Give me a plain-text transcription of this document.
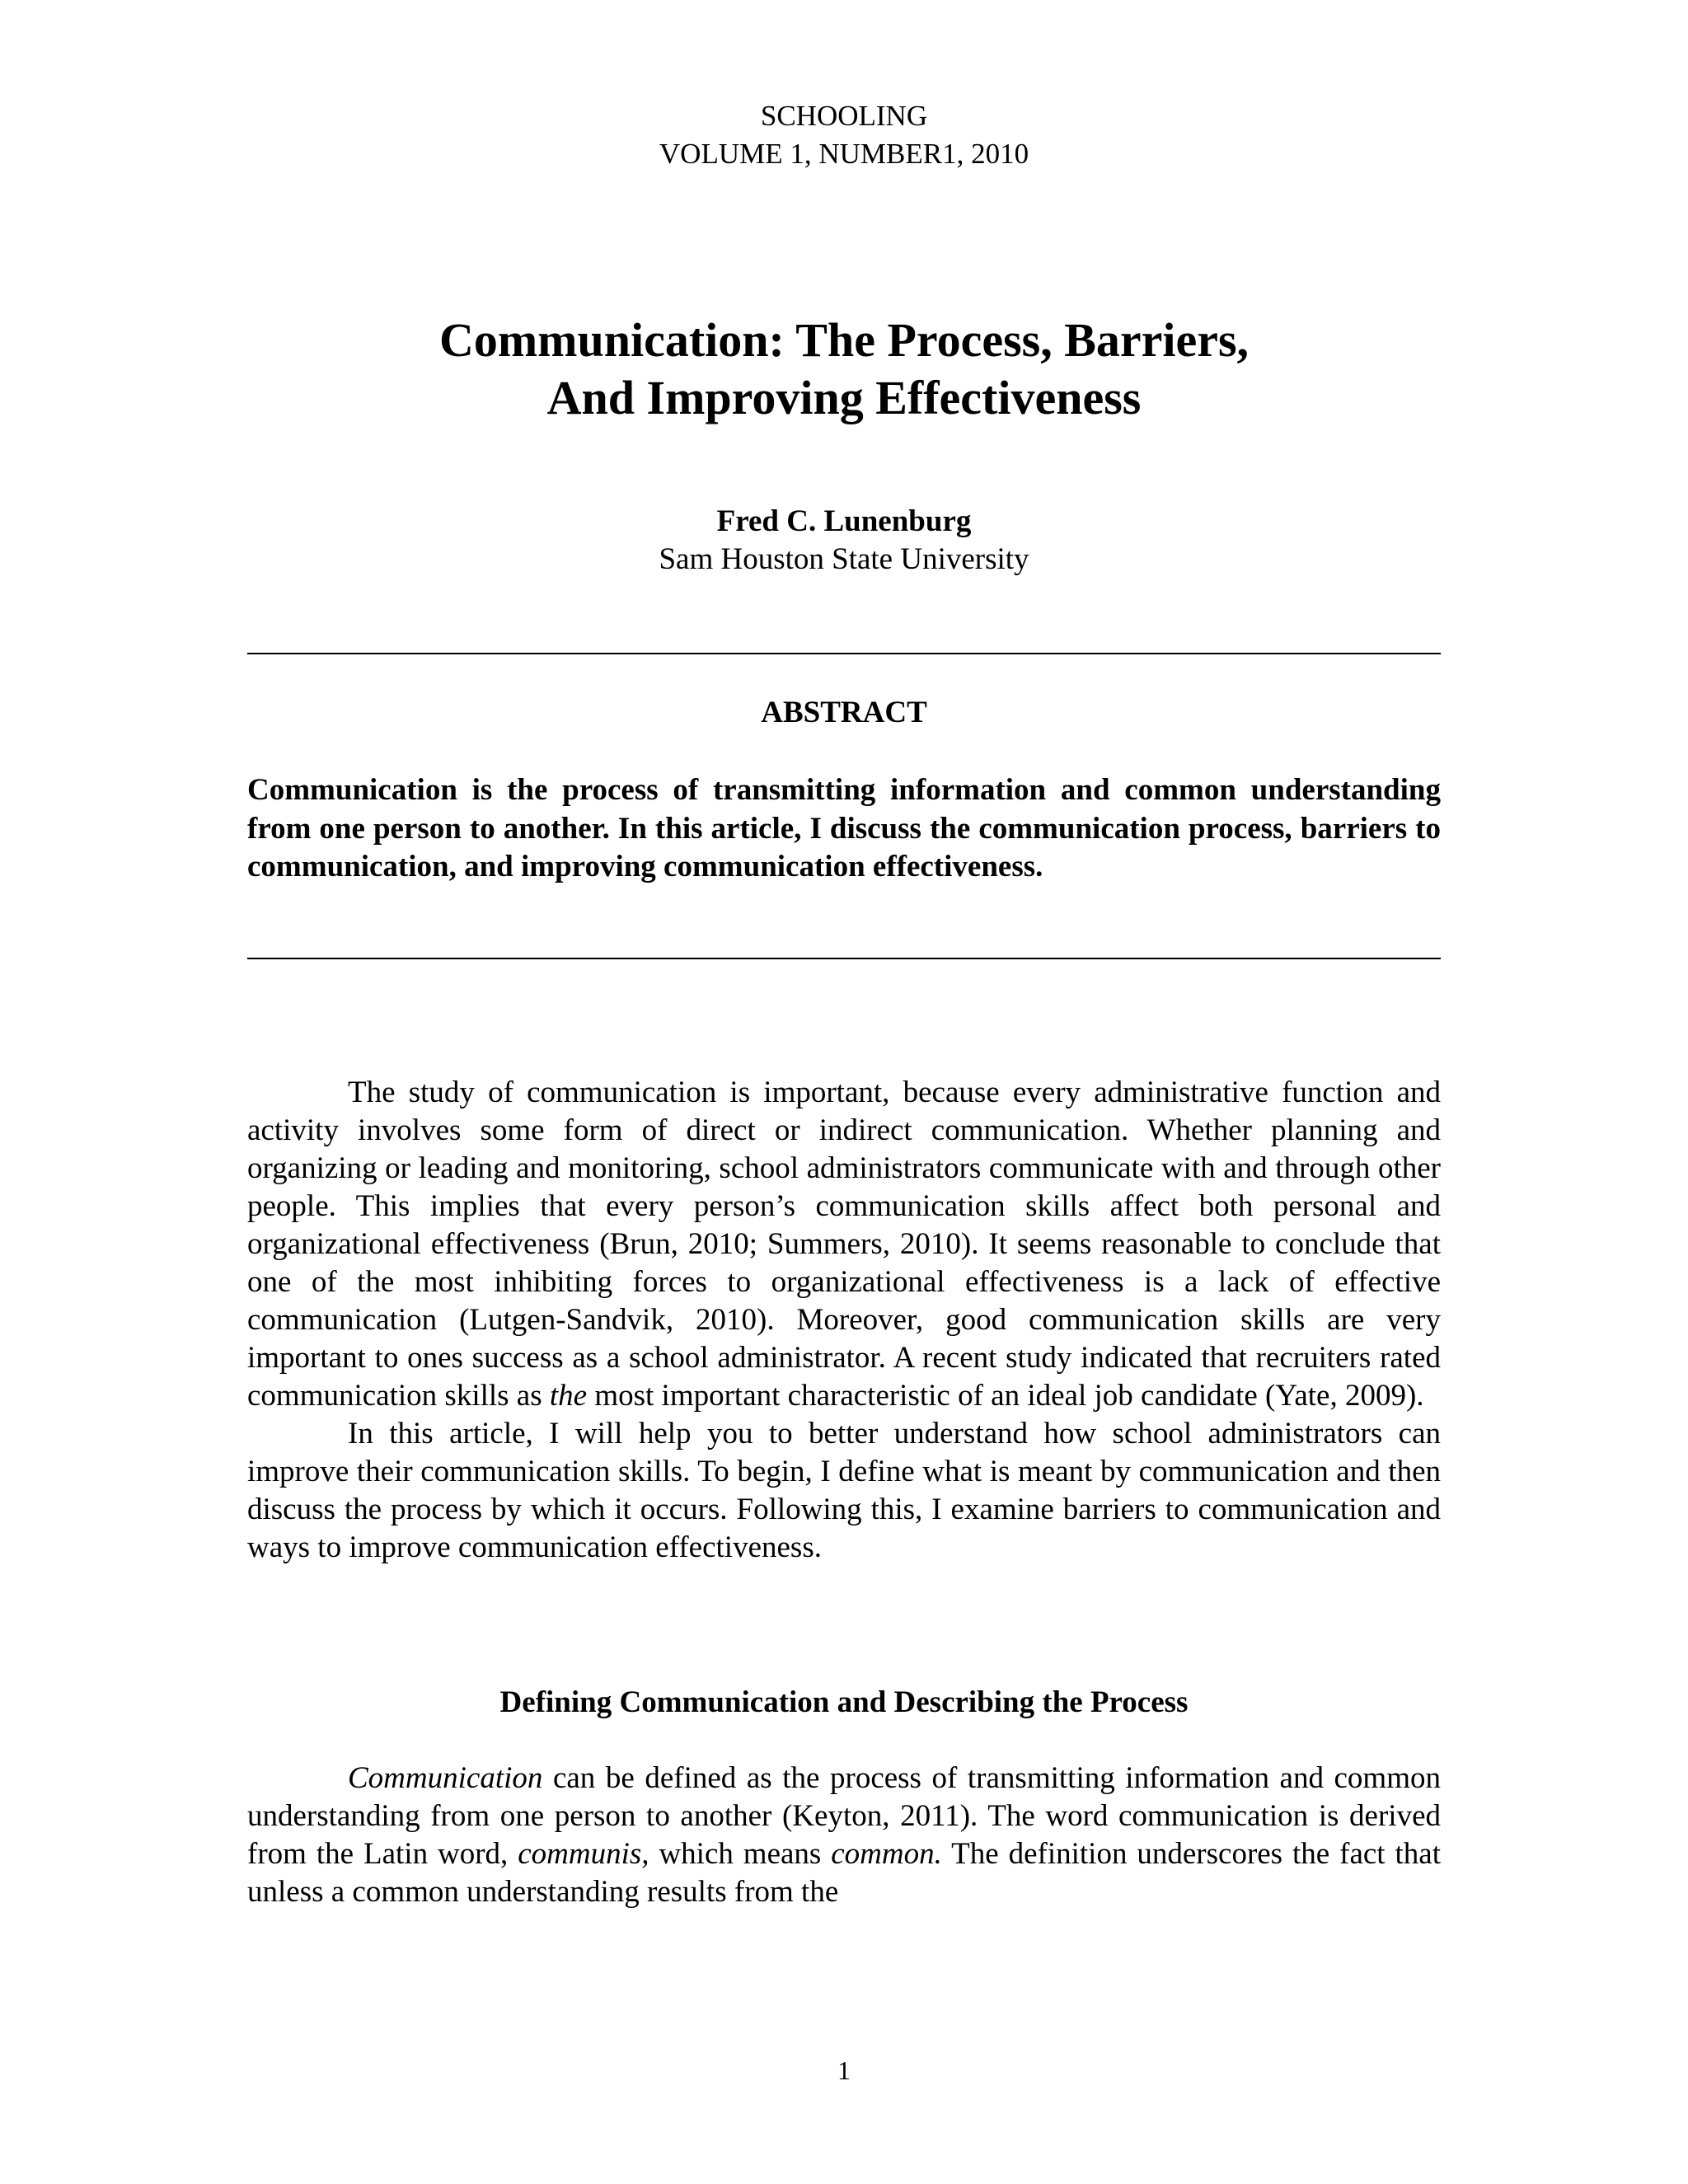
SCHOOLING
VOLUME 1, NUMBER1, 2010
Communication: The Process, Barriers,
And Improving Effectiveness
Fred C. Lunenburg
Sam Houston State University
ABSTRACT
Communication is the process of transmitting information and common understanding from one person to another. In this article, I discuss the communication process, barriers to communication, and improving communication effectiveness.

The study of communication is important, because every administrative function and activity involves some form of direct or indirect communication. Whether planning and organizing or leading and monitoring, school administrators communicate with and through other people. This implies that every person’s communication skills affect both personal and organizational effectiveness (Brun, 2010; Summers, 2010). It seems reasonable to conclude that one of the most inhibiting forces to organizational effectiveness is a lack of effective communication (Lutgen-Sandvik, 2010). Moreover, good communication skills are very important to ones success as a school administrator. A recent study indicated that recruiters rated communication skills as the most important characteristic of an ideal job candidate (Yate, 2009).

In this article, I will help you to better understand how school administrators can improve their communication skills. To begin, I define what is meant by communication and then discuss the process by which it occurs. Following this, I examine barriers to communication and ways to improve communication effectiveness.

Defining Communication and Describing the Process

Communication can be defined as the process of transmitting information and common understanding from one person to another (Keyton, 2011). The word communication is derived from the Latin word, communis, which means common. The definition underscores the fact that unless a common understanding results from the

1
